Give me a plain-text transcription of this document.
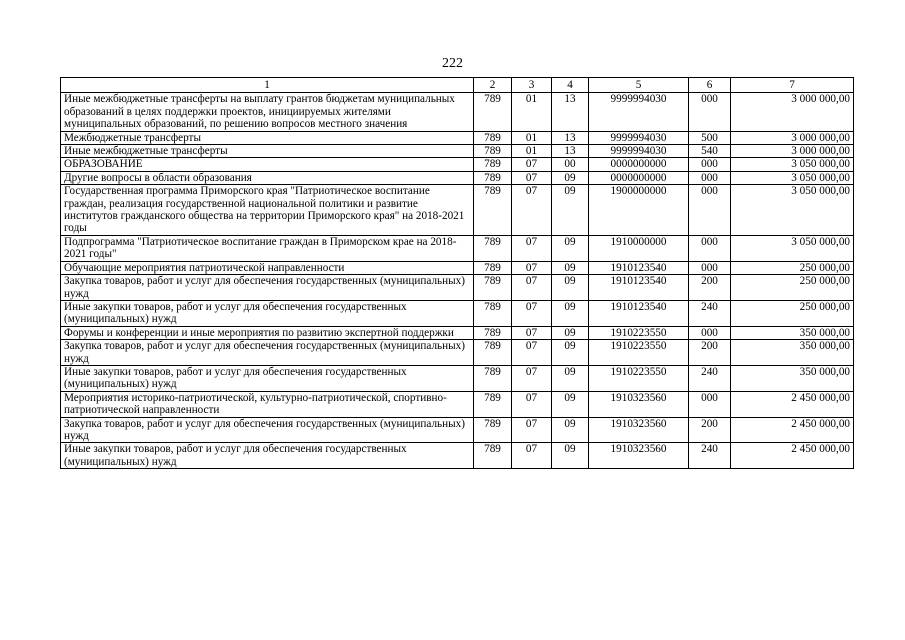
222
1	2	3	4	5	6	7
Иные межбюджетные трансферты на выплату грантов бюджетам муниципальных образований в целях поддержки проектов, инициируемых жителями муниципальных образований, по решению вопросов местного значения	789	01	13	9999994030	000	3 000 000,00
Межбюджетные трансферты	789	01	13	9999994030	500	3 000 000,00
Иные межбюджетные трансферты	789	01	13	9999994030	540	3 000 000,00
ОБРАЗОВАНИЕ	789	07	00	0000000000	000	3 050 000,00
Другие вопросы в области образования	789	07	09	0000000000	000	3 050 000,00
Государственная программа Приморского края "Патриотическое воспитание граждан, реализация государственной национальной политики и развитие институтов гражданского общества на территории Приморского края" на 2018-2021 годы	789	07	09	1900000000	000	3 050 000,00
Подпрограмма "Патриотическое воспитание граждан в Приморском крае на 2018-2021 годы"	789	07	09	1910000000	000	3 050 000,00
Обучающие мероприятия патриотической направленности	789	07	09	1910123540	000	250 000,00
Закупка товаров, работ и услуг для обеспечения государственных (муниципальных) нужд	789	07	09	1910123540	200	250 000,00
Иные закупки товаров, работ и услуг для обеспечения государственных (муниципальных) нужд	789	07	09	1910123540	240	250 000,00
Форумы и конференции и иные мероприятия по развитию экспертной поддержки	789	07	09	1910223550	000	350 000,00
Закупка товаров, работ и услуг для обеспечения государственных (муниципальных) нужд	789	07	09	1910223550	200	350 000,00
Иные закупки товаров, работ и услуг для обеспечения государственных (муниципальных) нужд	789	07	09	1910223550	240	350 000,00
Мероприятия историко-патриотической, культурно-патриотической, спортивно-патриотической направленности	789	07	09	1910323560	000	2 450 000,00
Закупка товаров, работ и услуг для обеспечения государственных (муниципальных) нужд	789	07	09	1910323560	200	2 450 000,00
Иные закупки товаров, работ и услуг для обеспечения государственных (муниципальных) нужд	789	07	09	1910323560	240	2 450 000,00
